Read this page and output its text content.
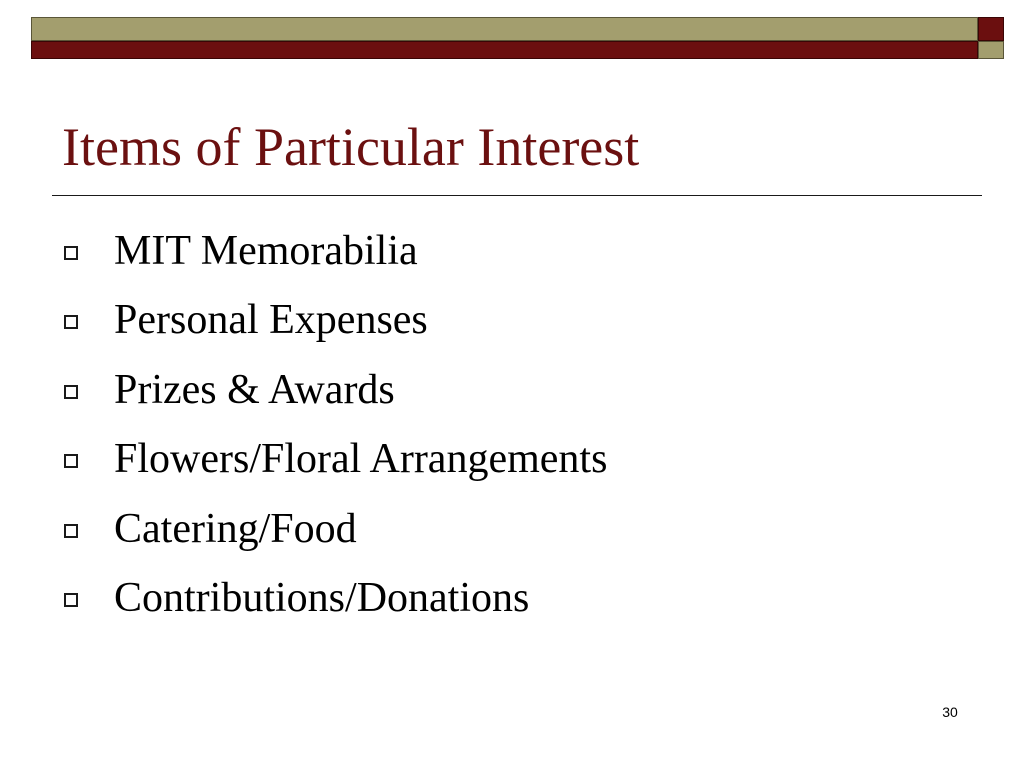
Items of Particular Interest
MIT Memorabilia
Personal Expenses
Prizes & Awards
Flowers/Floral Arrangements
Catering/Food
Contributions/Donations
30
